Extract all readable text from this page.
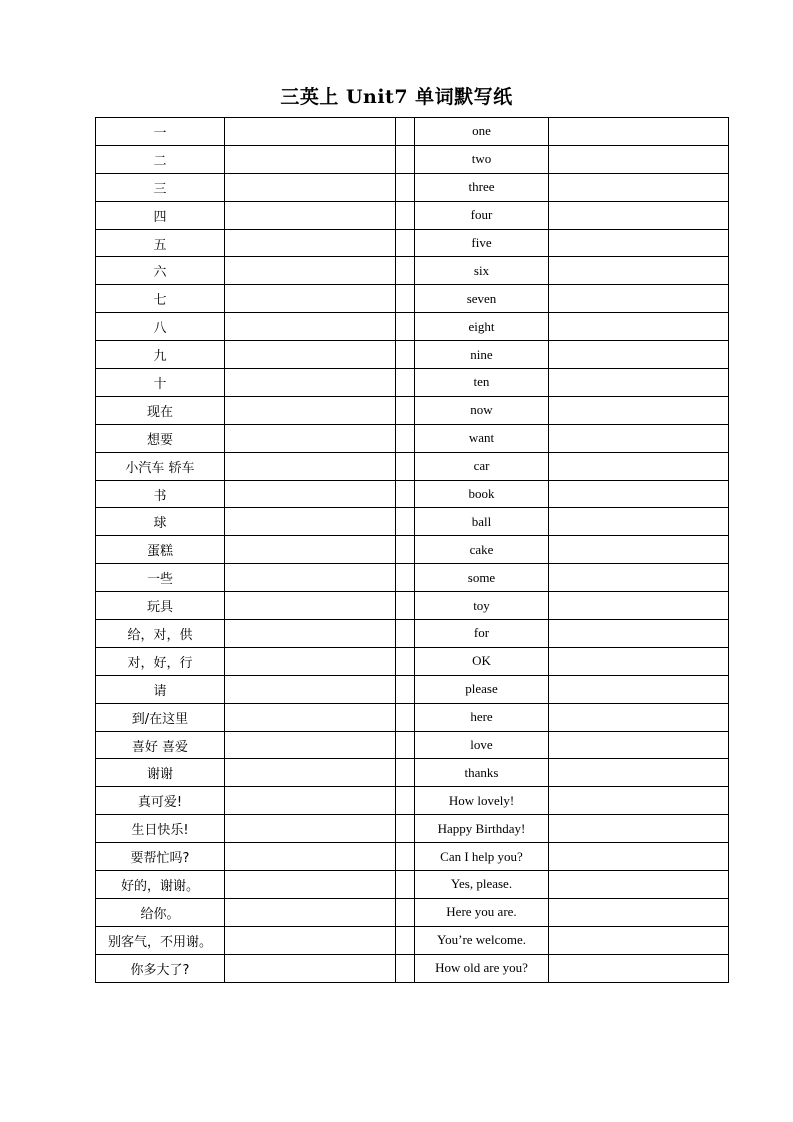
三英上 Unit7 单词默写纸
一			one	
二			two	
三			three	
四			four	
五			five	
六			six	
七			seven	
八			eight	
九			nine	
十			ten	
现在			now	
想要			want	
小汽车 轿车			car	
书			book	
球			ball	
蛋糕			cake	
一些			some	
玩具			toy	
给，对，供			for	
对，好，行			OK	
请			please	
到/在这里			here	
喜好 喜爱			love	
谢谢			thanks	
真可爱!			How lovely!	
生日快乐!			Happy Birthday!	
要帮忙吗?			Can I help you?	
好的，谢谢。			Yes, please.	
给你。			Here you are.	
别客气，不用谢。			You’re welcome.	
你多大了?			How old are you?	
